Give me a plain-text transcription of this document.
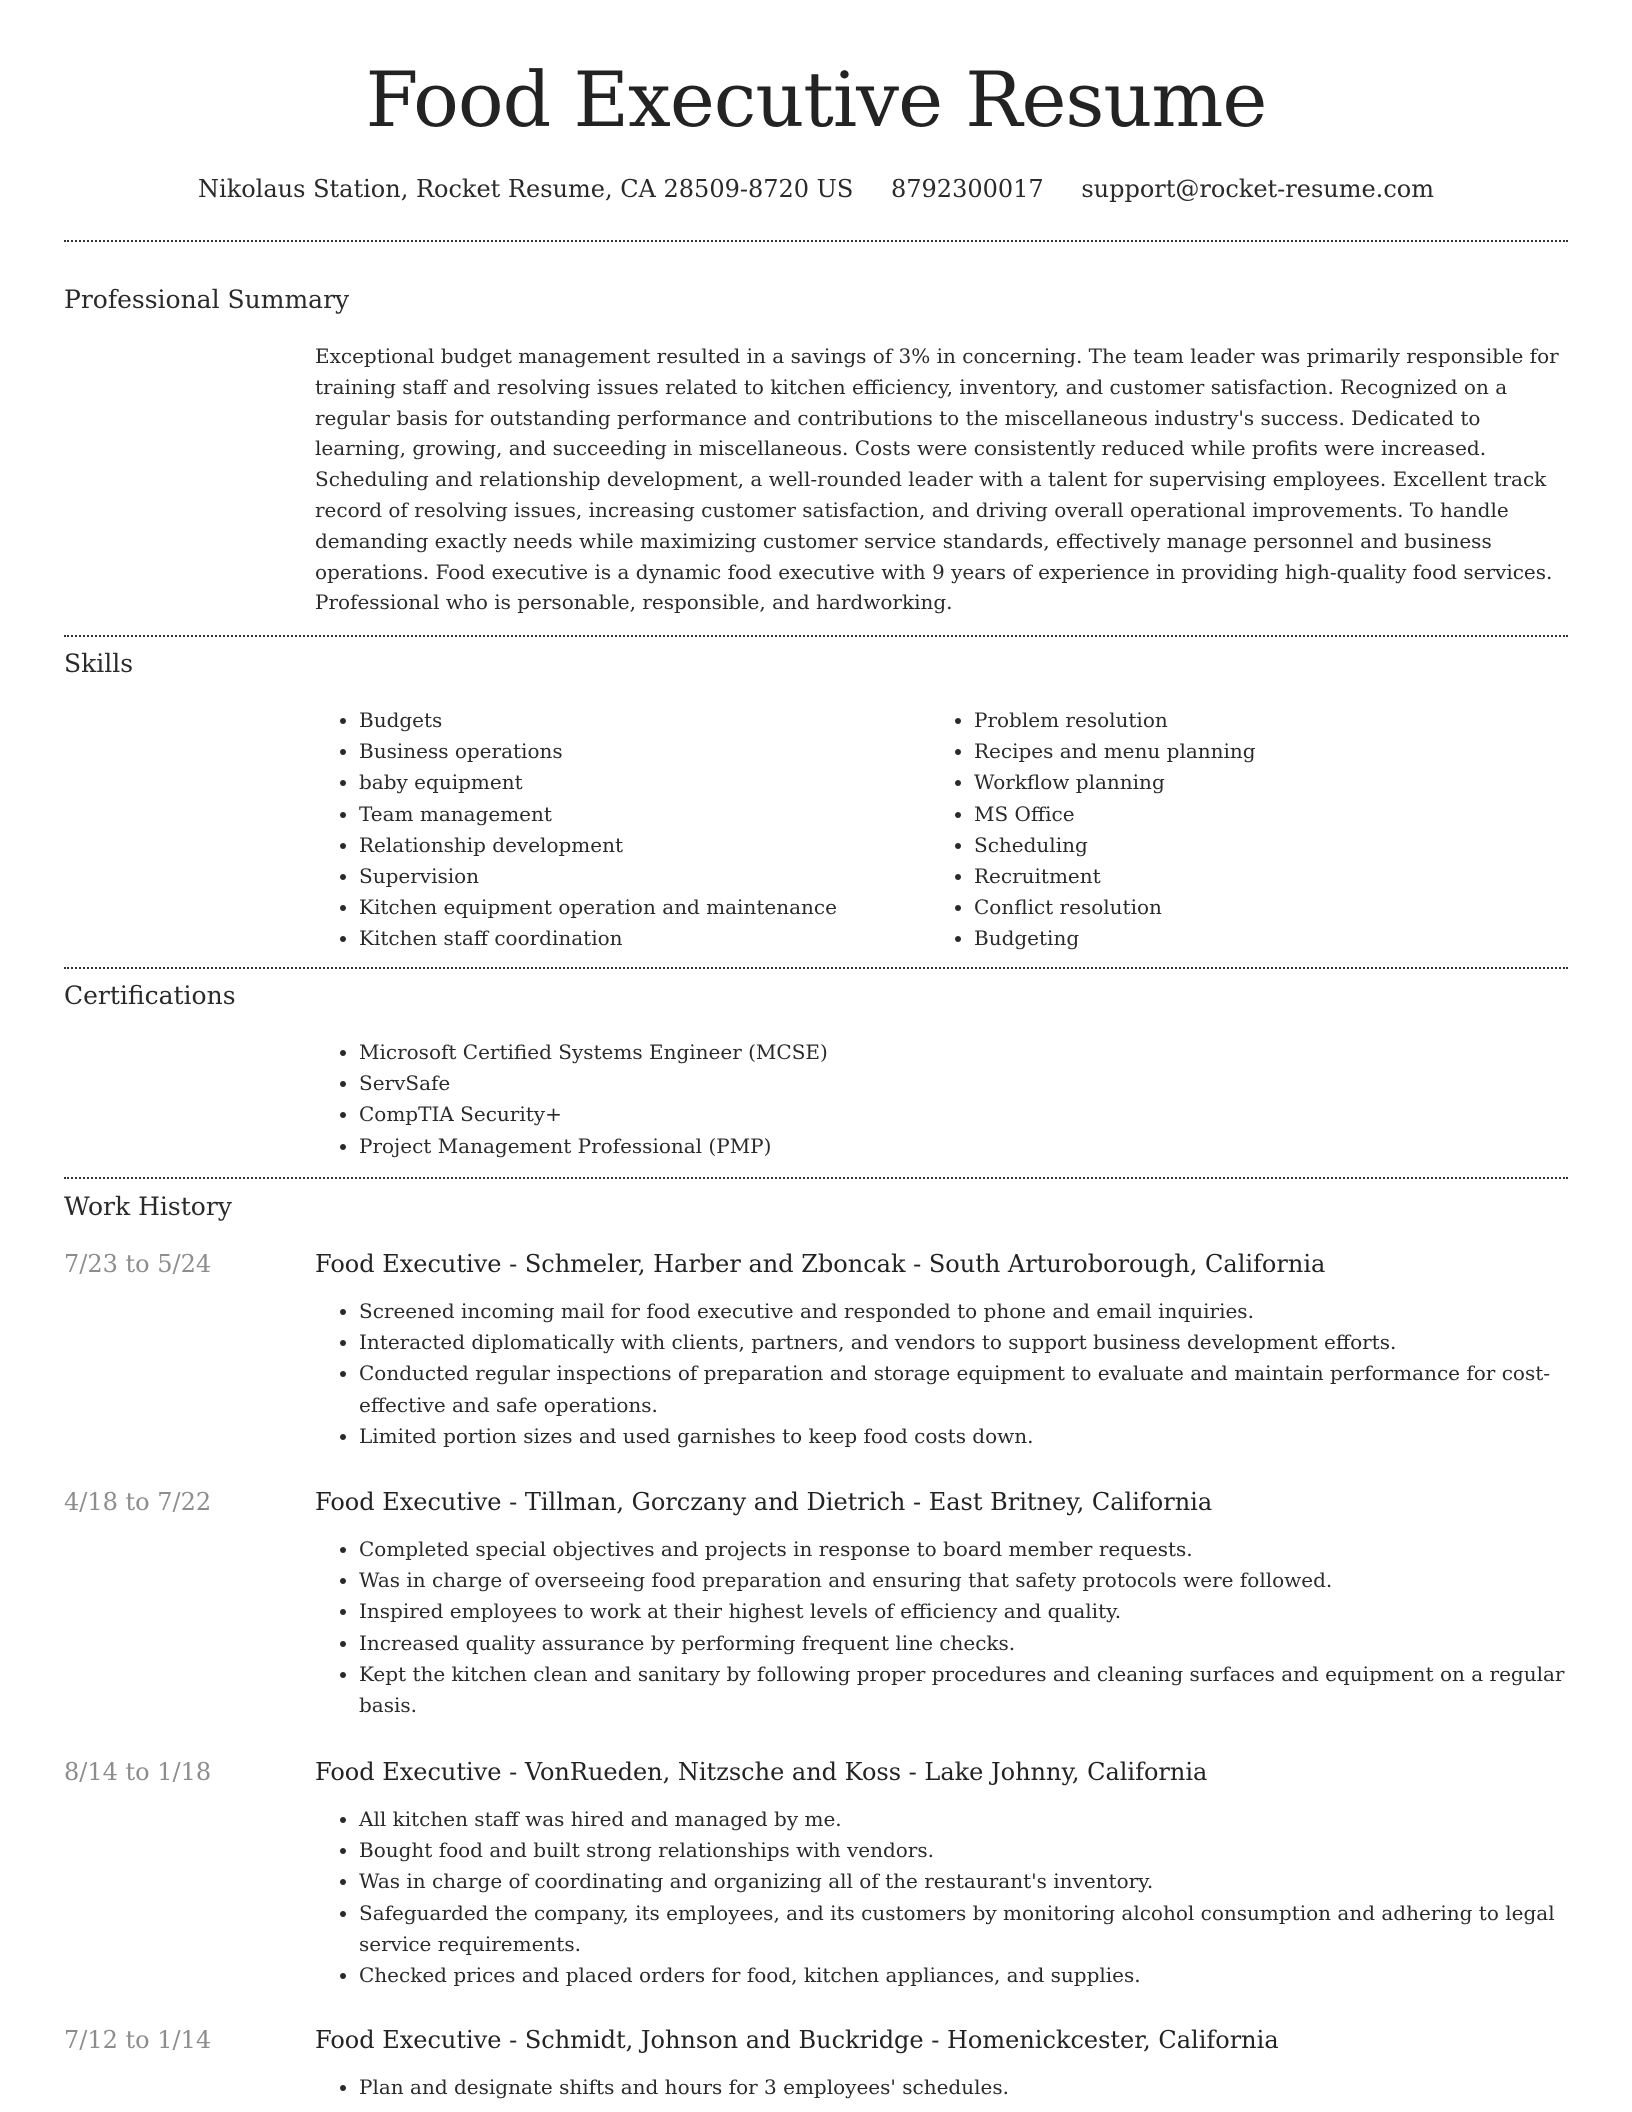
Food Executive Resume
Nikolaus Station, Rocket Resume, CA 28509-8720 US 8792300017 support@rocket-resume.com
Professional Summary

Exceptional budget management resulted in a savings of 3% in concerning. The team leader was primarily responsible for training staff and resolving issues related to kitchen efficiency, inventory, and customer satisfaction. Recognized on a regular basis for outstanding performance and contributions to the miscellaneous industry's success. Dedicated to learning, growing, and succeeding in miscellaneous. Costs were consistently reduced while profits were increased. Scheduling and relationship development, a well-rounded leader with a talent for supervising employees. Excellent track record of resolving issues, increasing customer satisfaction, and driving overall operational improvements. To handle demanding exactly needs while maximizing customer service standards, effectively manage personnel and business operations. Food executive is a dynamic food executive with 9 years of experience in providing high-quality food services. Professional who is personable, responsible, and hardworking.

Skills
• Budgets
• Business operations
• baby equipment
• Team management
• Relationship development
• Supervision
• Kitchen equipment operation and maintenance
• Kitchen staff coordination
• Problem resolution
• Recipes and menu planning
• Workflow planning
• MS Office
• Scheduling
• Recruitment
• Conflict resolution
• Budgeting
Certifications
• Microsoft Certified Systems Engineer (MCSE)
• ServSafe
• CompTIA Security+
• Project Management Professional (PMP)
Work History
7/23 to 5/24	Food Executive - Schmeler, Harber and Zboncak - South Arturoborough, California
• Screened incoming mail for food executive and responded to phone and email inquiries.
• Interacted diplomatically with clients, partners, and vendors to support business development efforts.
• Conducted regular inspections of preparation and storage equipment to evaluate and maintain performance for cost-effective and safe operations.
• Limited portion sizes and used garnishes to keep food costs down.
4/18 to 7/22	Food Executive - Tillman, Gorczany and Dietrich - East Britney, California
• Completed special objectives and projects in response to board member requests.
• Was in charge of overseeing food preparation and ensuring that safety protocols were followed.
• Inspired employees to work at their highest levels of efficiency and quality.
• Increased quality assurance by performing frequent line checks.
• Kept the kitchen clean and sanitary by following proper procedures and cleaning surfaces and equipment on a regular basis.
8/14 to 1/18	Food Executive - VonRueden, Nitzsche and Koss - Lake Johnny, California
• All kitchen staff was hired and managed by me.
• Bought food and built strong relationships with vendors.
• Was in charge of coordinating and organizing all of the restaurant's inventory.
• Safeguarded the company, its employees, and its customers by monitoring alcohol consumption and adhering to legal service requirements.
• Checked prices and placed orders for food, kitchen appliances, and supplies.
7/12 to 1/14	Food Executive - Schmidt, Johnson and Buckridge - Homenickcester, California
• Plan and designate shifts and hours for 3 employees' schedules.
